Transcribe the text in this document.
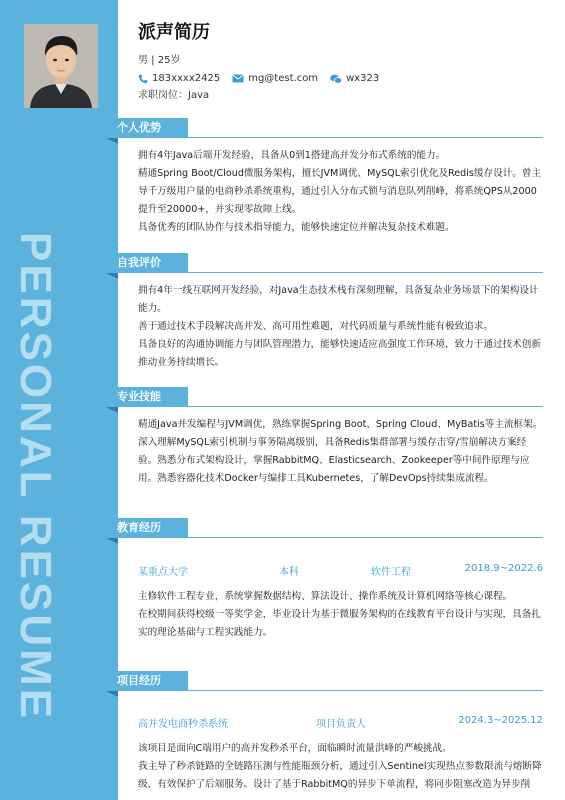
PERSONAL RESUME
派声简历
男 | 25岁
183xxxx2425	mg@test.com	wx323
求职岗位：Java
个人优势

拥有4年Java后端开发经验，具备从0到1搭建高并发分布式系统的能力。

精通Spring Boot/Cloud微服务架构，擅长JVM调优、MySQL索引优化及Redis缓存设计。曾主导千万级用户量的电商秒杀系统重构，通过引入分布式锁与消息队列削峰，将系统QPS从2000提升至20000+，并实现零故障上线。

具备优秀的团队协作与技术指导能力，能够快速定位并解决复杂技术难题。

自我评价

拥有4年一线互联网开发经验，对Java生态技术栈有深刻理解，具备复杂业务场景下的架构设计能力。

善于通过技术手段解决高并发、高可用性难题，对代码质量与系统性能有极致追求。

具备良好的沟通协调能力与团队管理潜力，能够快速适应高强度工作环境，致力于通过技术创新推动业务持续增长。

专业技能

精通Java并发编程与JVM调优，熟练掌握Spring Boot、Spring Cloud、MyBatis等主流框架。深入理解MySQL索引机制与事务隔离级别，具备Redis集群部署与缓存击穿/雪崩解决方案经验。熟悉分布式架构设计，掌握RabbitMQ、Elasticsearch、Zookeeper等中间件原理与应用。熟悉容器化技术Docker与编排工具Kubernetes，了解DevOps持续集成流程。

教育经历
某重点大学	本科	软件工程	2018.9~2022.6

主修软件工程专业，系统掌握数据结构、算法设计、操作系统及计算机网络等核心课程。

在校期间获得校级一等奖学金，毕业设计为基于微服务架构的在线教育平台设计与实现，具备扎实的理论基础与工程实践能力。

项目经历
高并发电商秒杀系统	项目负责人	2024.3~2025.12

该项目是面向C端用户的高并发秒杀平台，面临瞬时流量洪峰的严峻挑战。

我主导了秒杀链路的全链路压测与性能瓶颈分析，通过引入Sentinel实现热点参数限流与熔断降级，有效保护了后端服务。设计了基于RabbitMQ的异步下单流程，将同步阻塞改造为异步削
